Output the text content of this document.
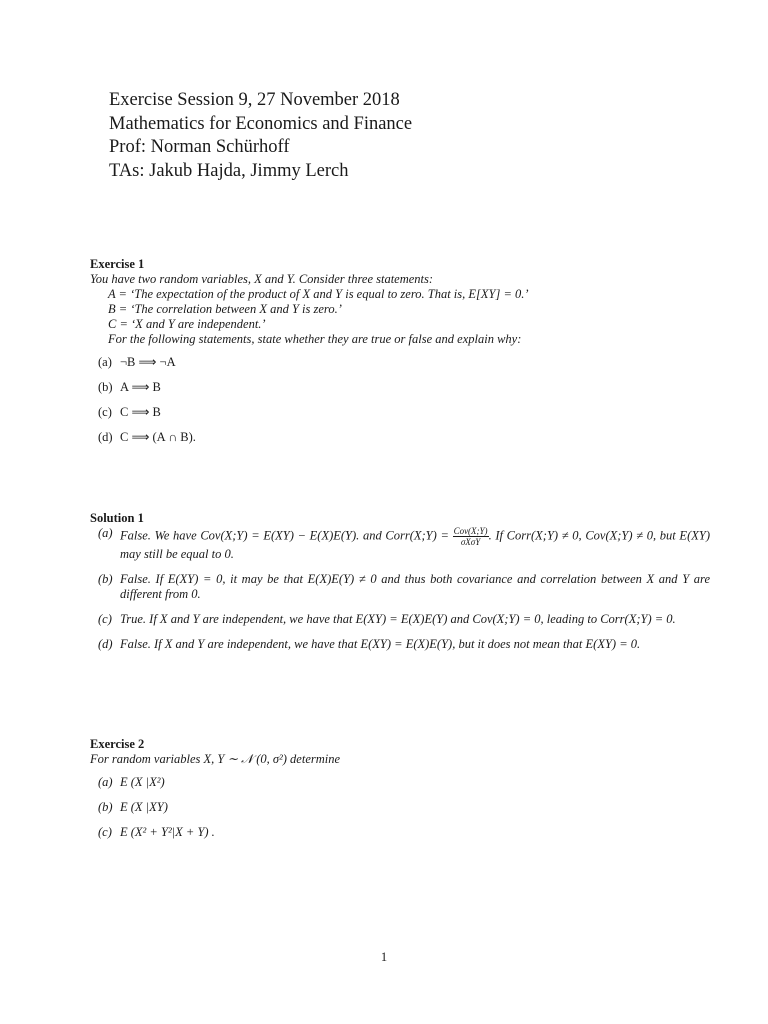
Exercise Session 9, 27 November 2018
Mathematics for Economics and Finance
Prof: Norman Schürhoff
TAs: Jakub Hajda, Jimmy Lerch
Exercise 1
You have two random variables, X and Y. Consider three statements:
A = ‘The expectation of the product of X and Y is equal to zero. That is, E[XY] = 0.’
B = ‘The correlation between X and Y is zero.’
C = ‘X and Y are independent.’
For the following statements, state whether they are true or false and explain why:
(a) ¬B ⟹ ¬A
(b) A ⟹ B
(c) C ⟹ B
(d) C ⟹ (A ∩ B).
Solution 1
(a) False. We have Cov(X;Y) = E(XY) − E(X)E(Y). and Corr(X;Y) = $\frac{\text{Cov(X;Y)}}{\text{σXσY}}$ . If Corr(X;Y) ≠ 0, Cov(X;Y) ≠ 0, but E(XY) may still be equal to 0.
(b) False. If E(XY) = 0, it may be that E(X)E(Y) ≠ 0 and thus both covariance and correlation between X and Y are different from 0.
(c) True. If X and Y are independent, we have that E(XY) = E(X)E(Y) and Cov(X;Y) = 0, leading to Corr(X;Y) = 0.
(d) False. If X and Y are independent, we have that E(XY) = E(X)E(Y), but it does not mean that E(XY) = 0.
Exercise 2
For random variables X, Y ∼ 𝒩 (0, σ²) determine
(a) E (X |X²)
(b) E (X |XY)
(c) E (X² + Y²|X + Y) .
1
